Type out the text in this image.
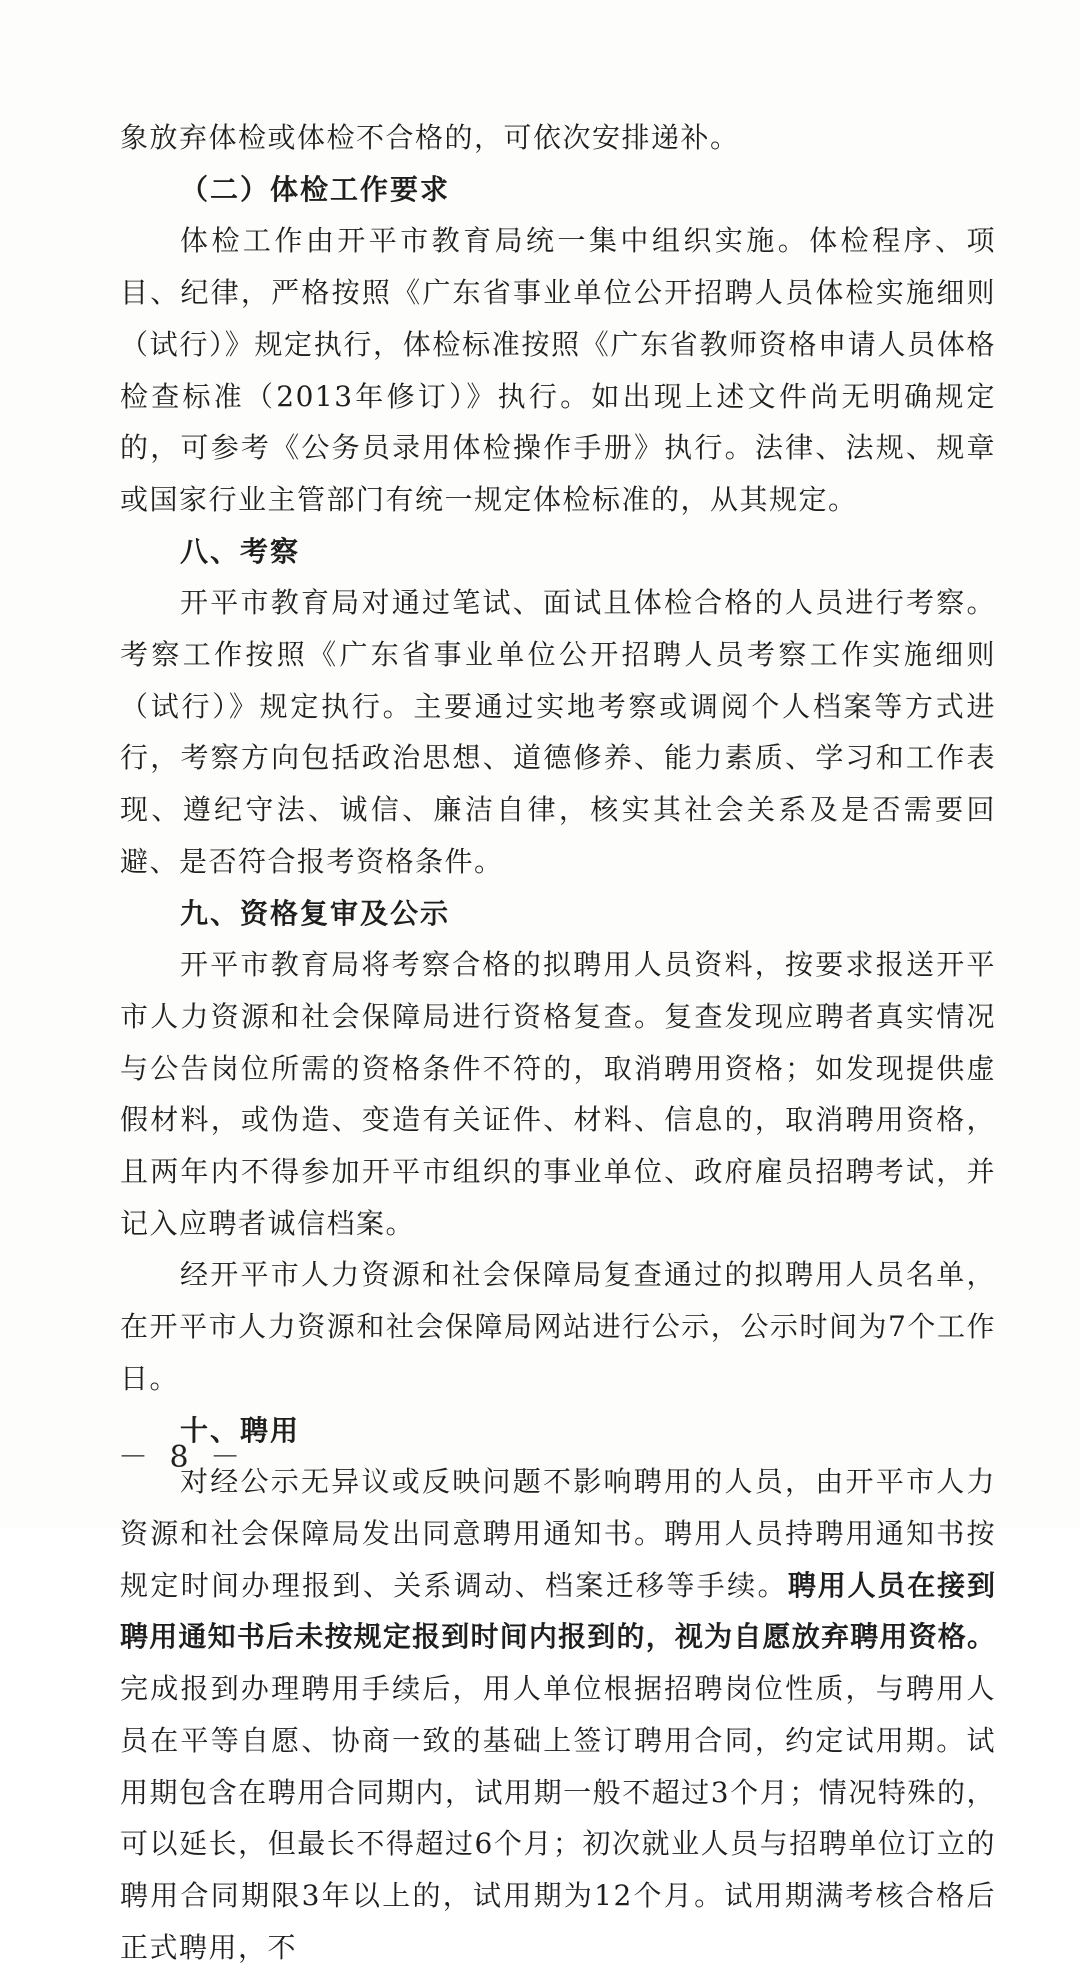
象放弃体检或体检不合格的，可依次安排递补。

（二）体检工作要求

体检工作由开平市教育局统一集中组织实施。体检程序、项目、纪律，严格按照《广东省事业单位公开招聘人员体检实施细则（试行）》规定执行，体检标准按照《广东省教师资格申请人员体格检查标准（2013年修订）》执行。如出现上述文件尚无明确规定的，可参考《公务员录用体检操作手册》执行。法律、法规、规章或国家行业主管部门有统一规定体检标准的，从其规定。

八、考察

开平市教育局对通过笔试、面试且体检合格的人员进行考察。考察工作按照《广东省事业单位公开招聘人员考察工作实施细则（试行）》规定执行。主要通过实地考察或调阅个人档案等方式进行，考察方向包括政治思想、道德修养、能力素质、学习和工作表现、遵纪守法、诚信、廉洁自律，核实其社会关系及是否需要回避、是否符合报考资格条件。

九、资格复审及公示

开平市教育局将考察合格的拟聘用人员资料，按要求报送开平市人力资源和社会保障局进行资格复查。复查发现应聘者真实情况与公告岗位所需的资格条件不符的，取消聘用资格；如发现提供虚假材料，或伪造、变造有关证件、材料、信息的，取消聘用资格，且两年内不得参加开平市组织的事业单位、政府雇员招聘考试，并记入应聘者诚信档案。

经开平市人力资源和社会保障局复查通过的拟聘用人员名单，在开平市人力资源和社会保障局网站进行公示，公示时间为7个工作日。

十、聘用

对经公示无异议或反映问题不影响聘用的人员，由开平市人力资源和社会保障局发出同意聘用通知书。聘用人员持聘用通知书按规定时间办理报到、关系调动、档案迁移等手续。聘用人员在接到聘用通知书后未按规定报到时间内报到的，视为自愿放弃聘用资格。完成报到办理聘用手续后，用人单位根据招聘岗位性质，与聘用人员在平等自愿、协商一致的基础上签订聘用合同，约定试用期。试用期包含在聘用合同期内，试用期一般不超过3个月；情况特殊的，可以延长，但最长不得超过6个月；初次就业人员与招聘单位订立的聘用合同期限3年以上的，试用期为12个月。试用期满考核合格后正式聘用，不

－ 8 －
